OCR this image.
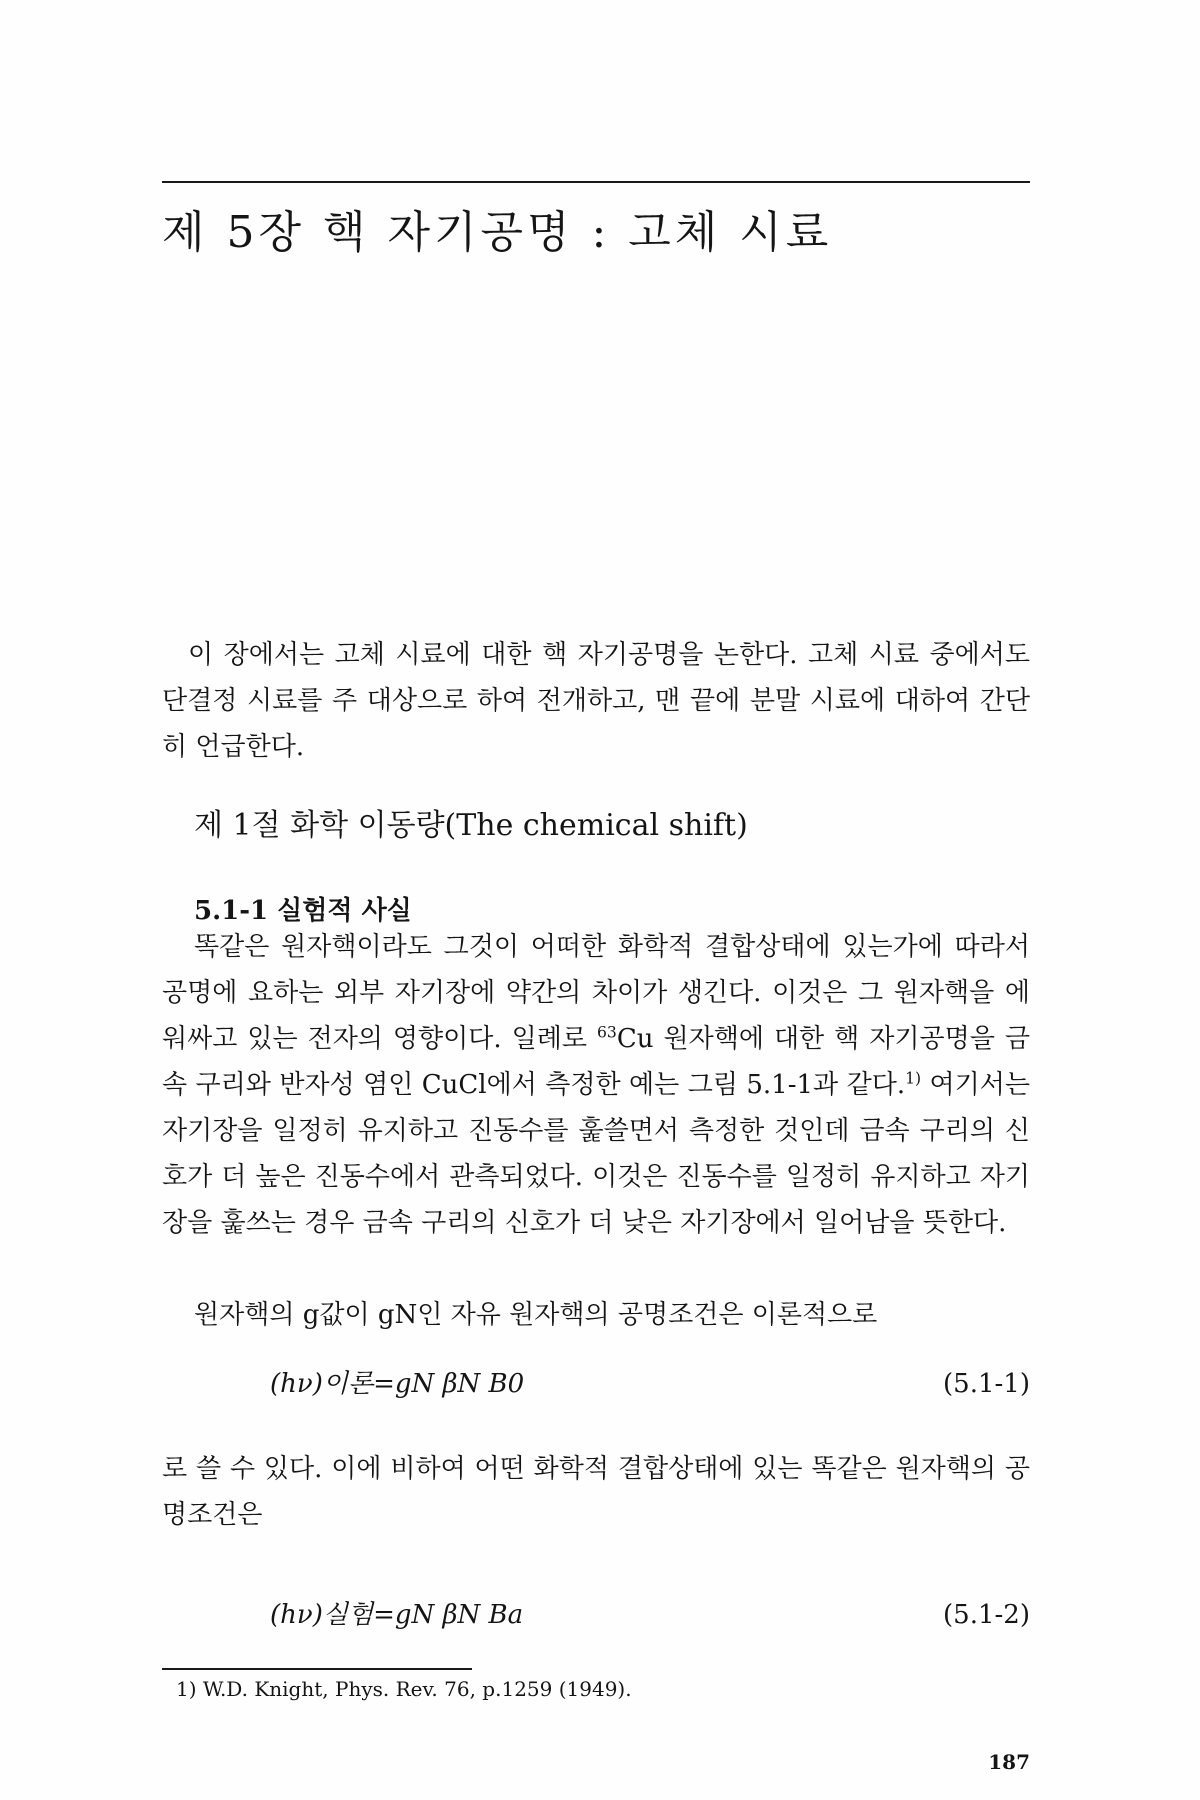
제 5장 핵 자기공명 : 고체 시료

이 장에서는 고체 시료에 대한 핵 자기공명을 논한다. 고체 시료 중에서도 단결정 시료를 주 대상으로 하여 전개하고, 맨 끝에 분말 시료에 대하여 간단히 언급한다.

제 1절 화학 이동량(The chemical shift)
5.1-1 실험적 사실

똑같은 원자핵이라도 그것이 어떠한 화학적 결합상태에 있는가에 따라서 공명에 요하는 외부 자기장에 약간의 차이가 생긴다. 이것은 그 원자핵을 에워싸고 있는 전자의 영향이다. 일례로 $^{63}$Cu 원자핵에 대한 핵 자기공명을 금속 구리와 반자성 염인 CuCl에서 측정한 예는 그림 5.1-1과 같다.$^{1)}$ 여기서는 자기장을 일정히 유지하고 진동수를 훑쓸면서 측정한 것인데 금속 구리의 신호가 더 높은 진동수에서 관측되었다. 이것은 진동수를 일정히 유지하고 자기장을 훑쓰는 경우 금속 구리의 신호가 더 낮은 자기장에서 일어남을 뜻한다.

원자핵의 g값이 gN인 자유 원자핵의 공명조건은 이론적으로

(hν)이론=gN βN B0	(5.1-1)

로 쓸 수 있다. 이에 비하여 어떤 화학적 결합상태에 있는 똑같은 원자핵의 공명조건은

(hν)실험=gN βN Ba	(5.1-2)

1) W.D. Knight, Phys. Rev. 76, p.1259 (1949).

187
